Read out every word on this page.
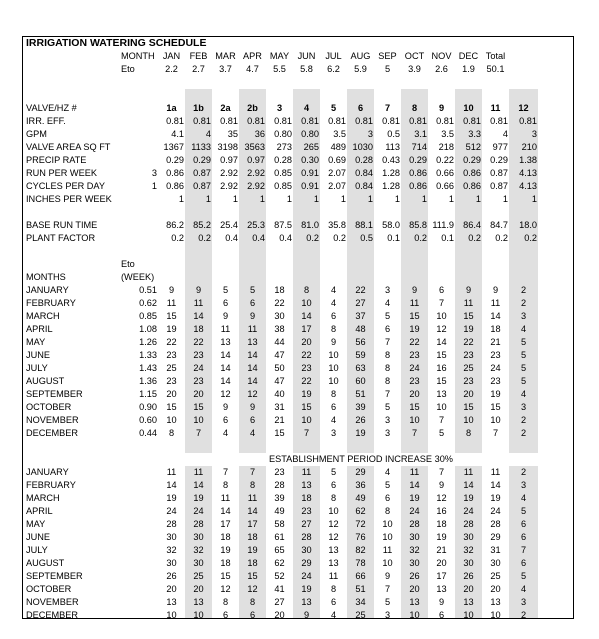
IRRIGATION WATERING SCHEDULE															
	MONTH	JAN	FEB	MAR	APR	MAY	JUN	JUL	AUG	SEP	OCT	NOV	DEC	Total	
	Eto	2.2	2.7	3.7	4.7	5.5	5.8	6.2	5.9	5	3.9	2.6	1.9	50.1	

VALVE/HZ #		1a	1b	2a	2b	3	4	5	6	7	8	9	10	11	12
IRR. EFF.		0.81	0.81	0.81	0.81	0.81	0.81	0.81	0.81	0.81	0.81	0.81	0.81	0.81	0.81
GPM		4.1	4	35	36	0.80	0.80	3.5	3	0.5	3.1	3.5	3.3	4	3
VALVE AREA SQ FT		1367	1133	3198	3563	273	265	489	1030	113	714	218	512	977	210
PRECIP RATE		0.29	0.29	0.97	0.97	0.28	0.30	0.69	0.28	0.43	0.29	0.22	0.29	0.29	1.38
RUN PER WEEK	3	0.86	0.87	2.92	2.92	0.85	0.91	2.07	0.84	1.28	0.86	0.66	0.86	0.87	4.13
CYCLES PER DAY	1	0.86	0.87	2.92	2.92	0.85	0.91	2.07	0.84	1.28	0.86	0.66	0.86	0.87	4.13
INCHES PER WEEK		1	1	1	1	1	1	1	1	1	1	1	1	1	1

BASE RUN TIME		86.2	85.2	25.4	25.3	87.5	81.0	35.8	88.1	58.0	85.8	111.9	86.4	84.7	18.0
PLANT FACTOR		0.2	0.2	0.4	0.4	0.4	0.2	0.2	0.5	0.1	0.2	0.1	0.2	0.2	0.2

	Eto														
MONTHS	(WEEK)														
JANUARY	0.51	9	9	5	5	18	8	4	22	3	9	6	9	9	2
FEBRUARY	0.62	11	11	6	6	22	10	4	27	4	11	7	11	11	2
MARCH	0.85	15	14	9	9	30	14	6	37	5	15	10	15	14	3
APRIL	1.08	19	18	11	11	38	17	8	48	6	19	12	19	18	4
MAY	1.26	22	22	13	13	44	20	9	56	7	22	14	22	21	5
JUNE	1.33	23	23	14	14	47	22	10	59	8	23	15	23	23	5
JULY	1.43	25	24	14	14	50	23	10	63	8	24	16	25	24	5
AUGUST	1.36	23	23	14	14	47	22	10	60	8	23	15	23	23	5
SEPTEMBER	1.15	20	20	12	12	40	19	8	51	7	20	13	20	19	4
OCTOBER	0.90	15	15	9	9	31	15	6	39	5	15	10	15	15	3
NOVEMBER	0.60	10	10	6	6	21	10	4	26	3	10	7	10	10	2
DECEMBER	0.44	8	7	4	4	15	7	3	19	3	7	5	8	7	2

						ESTABLISHMENT PERIOD INCREASE 30%									
JANUARY		11	11	7	7	23	11	5	29	4	11	7	11	11	2
FEBRUARY		14	14	8	8	28	13	6	36	5	14	9	14	14	3
MARCH		19	19	11	11	39	18	8	49	6	19	12	19	19	4
APRIL		24	24	14	14	49	23	10	62	8	24	16	24	24	5
MAY		28	28	17	17	58	27	12	72	10	28	18	28	28	6
JUNE		30	30	18	18	61	28	12	76	10	30	19	30	29	6
JULY		32	32	19	19	65	30	13	82	11	32	21	32	31	7
AUGUST		30	30	18	18	62	29	13	78	10	30	20	30	30	6
SEPTEMBER		26	25	15	15	52	24	11	66	9	26	17	26	25	5
OCTOBER		20	20	12	12	41	19	8	51	7	20	13	20	20	4
NOVEMBER		13	13	8	8	27	13	6	34	5	13	9	13	13	3
DECEMBER		10	10	6	6	20	9	4	25	3	10	6	10	10	2
